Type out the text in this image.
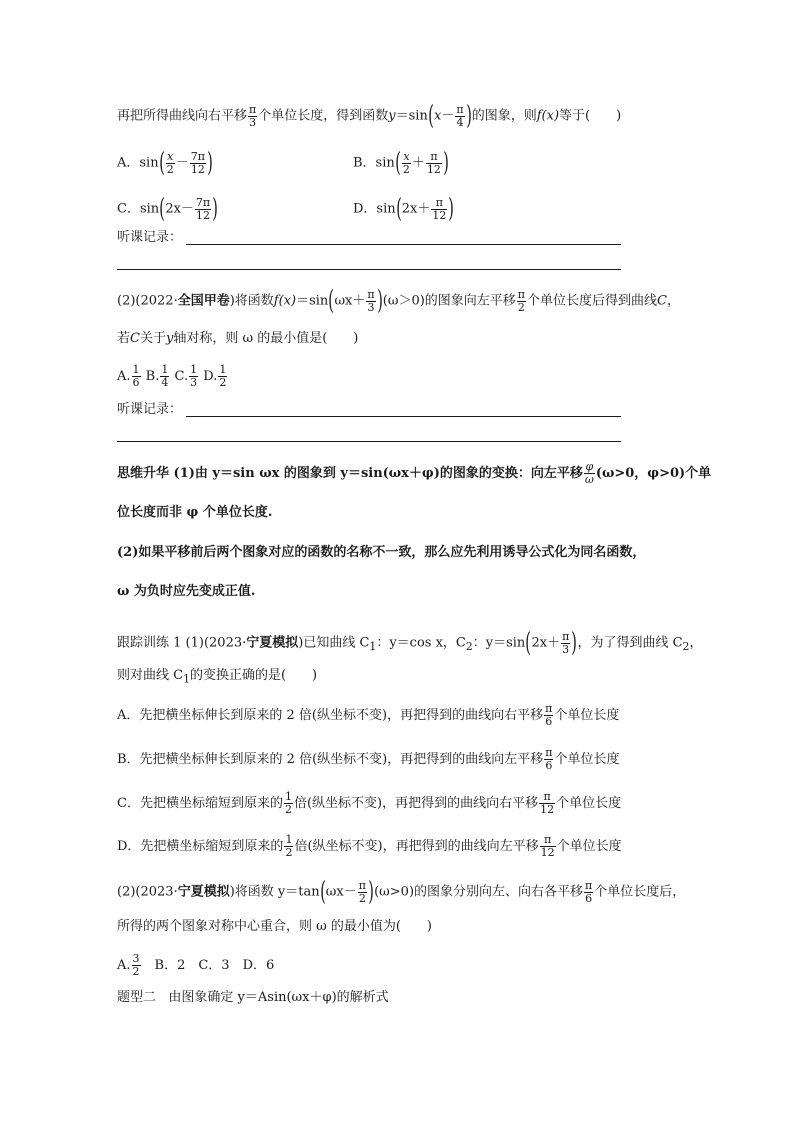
再把所得曲线向右平移 $\frac{\pi}{3}$ 个单位长度，得到函数$y=\sin(x- \frac{\pi}{4}$ )的图象，则f(x)等于(　　)
A．$\sin( \frac{x}{2} - \frac{7\pi}{12}$ )	B．$\sin( \frac{x}{2} + \frac{\pi}{12}$ )
C．$\sin(2x- \frac{7\pi}{12}$ )	D．$\sin(2x+ \frac{\pi}{12}$ )
听课记录：
(2)(2022·全国甲卷)将函数$f(x)=\sin(\omega x+ \frac{\pi}{3} )(\omega>0)$的图象向左平移 $\frac{\pi}{2}$ 个单位长度后得到曲线C，
若C关于y轴对称，则 ω 的最小值是(　　)
A. $\frac{1}{6} B$. $\frac{1}{4} C$. $\frac{1}{3} D$. $\frac{1}{2}$
听课记录：
思维升华 (1)由 y＝sin ωx 的图象到 y＝sin(ωx＋φ)的图象的变换：向左平移 $\frac{\varphi}{\omega} (\omega>0$，φ>0)个单
位长度而非 φ 个单位长度.
(2)如果平移前后两个图象对应的函数的名称不一致，那么应先利用诱导公式化为同名函数，
ω 为负时应先变成正值.
跟踪训练 1 (1)(2023·宁夏模拟)已知曲线 $C_1$：y＝cos x，$C_2$：$y=\sin(2x+ \frac{\pi}{3}$ )，为了得到曲线 $C_2$，
则对曲线 $C_1$的变换正确的是(　　)
A．先把横坐标伸长到原来的 2 倍(纵坐标不变)，再把得到的曲线向右平移 $\frac{\pi}{6}$ 个单位长度
B．先把横坐标伸长到原来的 2 倍(纵坐标不变)，再把得到的曲线向左平移 $\frac{\pi}{6}$ 个单位长度
C．先把横坐标缩短到原来的 $\frac{1}{2}$ 倍(纵坐标不变)，再把得到的曲线向右平移 $\frac{\pi}{12}$ 个单位长度
D．先把横坐标缩短到原来的 $\frac{1}{2}$ 倍(纵坐标不变)，再把得到的曲线向左平移 $\frac{\pi}{12}$ 个单位长度
(2)(2023·宁夏模拟)将函数 $y=\tan(\omega x- \frac{\pi}{2} )(\omega>0)$的图象分别向左、向右各平移 $\frac{\pi}{6}$ 个单位长度后，
所得的两个图象对称中心重合，则 ω 的最小值为(　　)
A. $\frac{3}{2}$ 　B．2　C．3　D．6
题型二 由图象确定 y＝Asin(ωx＋φ)的解析式
